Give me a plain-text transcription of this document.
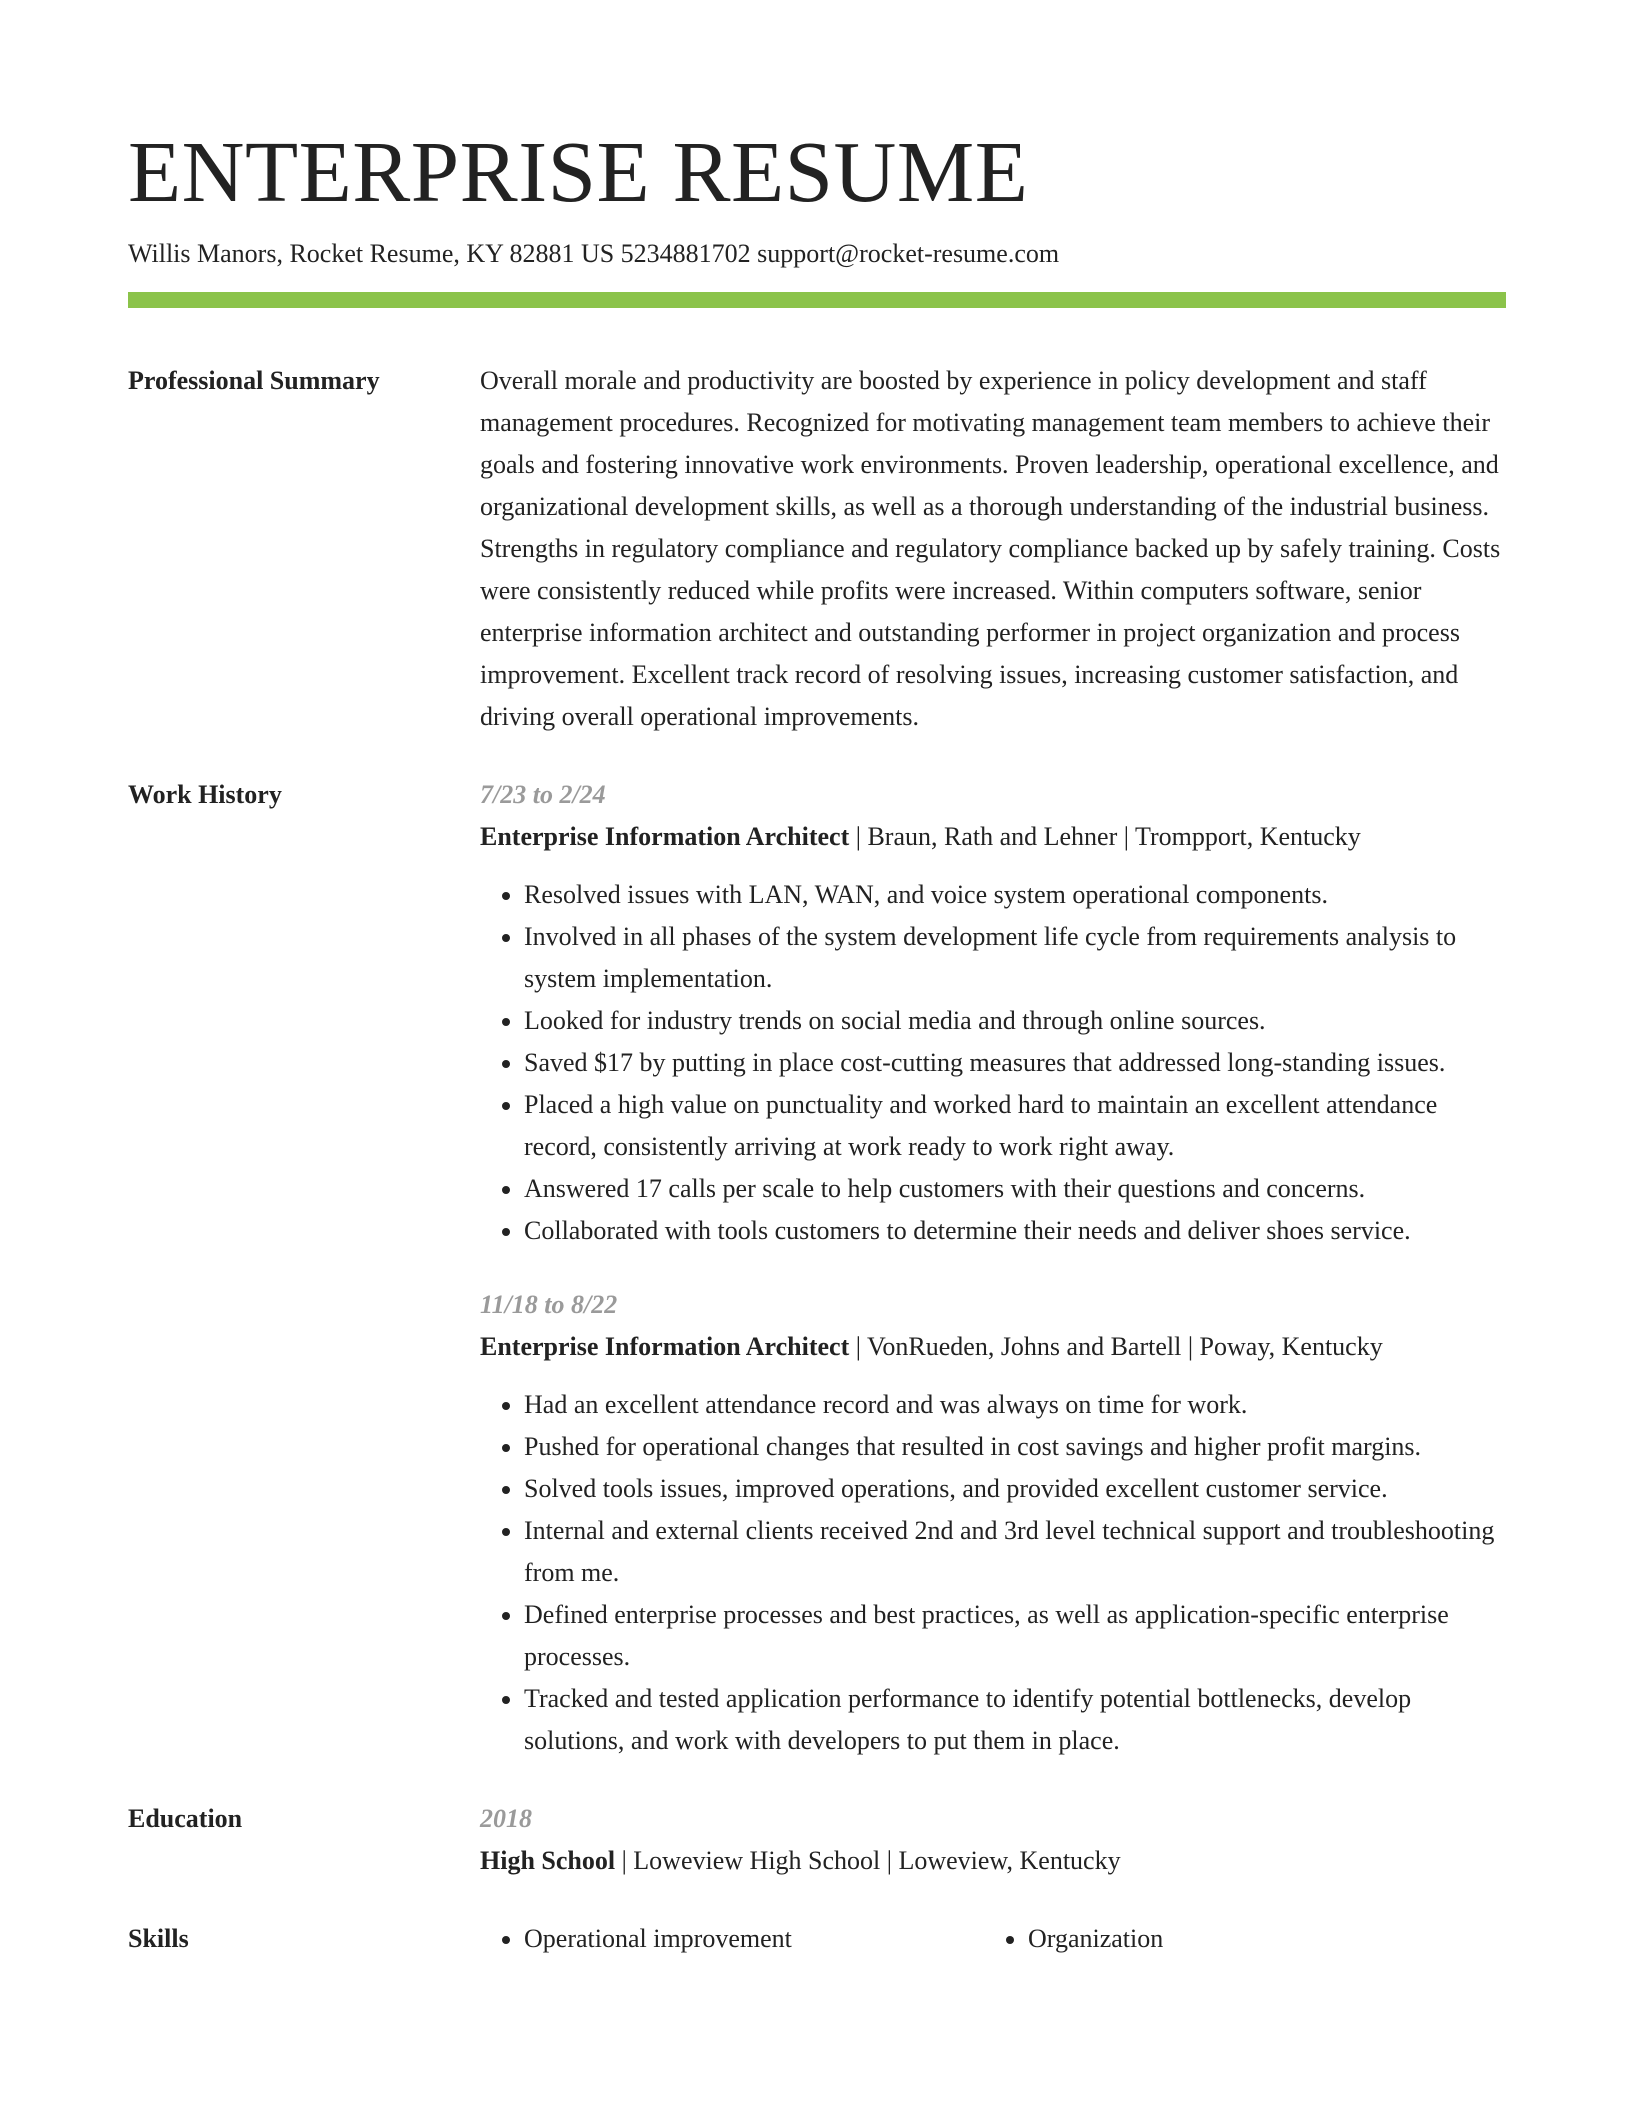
ENTERPRISE RESUME
Willis Manors, Rocket Resume, KY 82881 US 5234881702 support@rocket-resume.com
Professional Summary	Overall morale and productivity are boosted by experience in policy development and staff management procedures. Recognized for motivating management team members to achieve their goals and fostering innovative work environments. Proven leadership, operational excellence, and organizational development skills, as well as a thorough understanding of the industrial business. Strengths in regulatory compliance and regulatory compliance backed up by safely training. Costs were consistently reduced while profits were increased. Within computers software, senior enterprise information architect and outstanding performer in project organization and process improvement. Excellent track record of resolving issues, increasing customer satisfaction, and driving overall operational improvements.

Work History	7/23 to 2/24
Enterprise Information Architect | Braun, Rath and Lehner | Trompport, Kentucky
• Resolved issues with LAN, WAN, and voice system operational components.
• Involved in all phases of the system development life cycle from requirements analysis to system implementation.
• Looked for industry trends on social media and through online sources.
• Saved $17 by putting in place cost-cutting measures that addressed long-standing issues.
• Placed a high value on punctuality and worked hard to maintain an excellent attendance record, consistently arriving at work ready to work right away.
• Answered 17 calls per scale to help customers with their questions and concerns.
• Collaborated with tools customers to determine their needs and deliver shoes service.
11/18 to 8/22
Enterprise Information Architect | VonRueden, Johns and Bartell | Poway, Kentucky
• Had an excellent attendance record and was always on time for work.
• Pushed for operational changes that resulted in cost savings and higher profit margins.
• Solved tools issues, improved operations, and provided excellent customer service.
• Internal and external clients received 2nd and 3rd level technical support and troubleshooting from me.
• Defined enterprise processes and best practices, as well as application-specific enterprise processes.
• Tracked and tested application performance to identify potential bottlenecks, develop solutions, and work with developers to put them in place.
Education	2018
High School | Loweview High School | Loweview, Kentucky
Skills	• Operational improvement	• Organization
